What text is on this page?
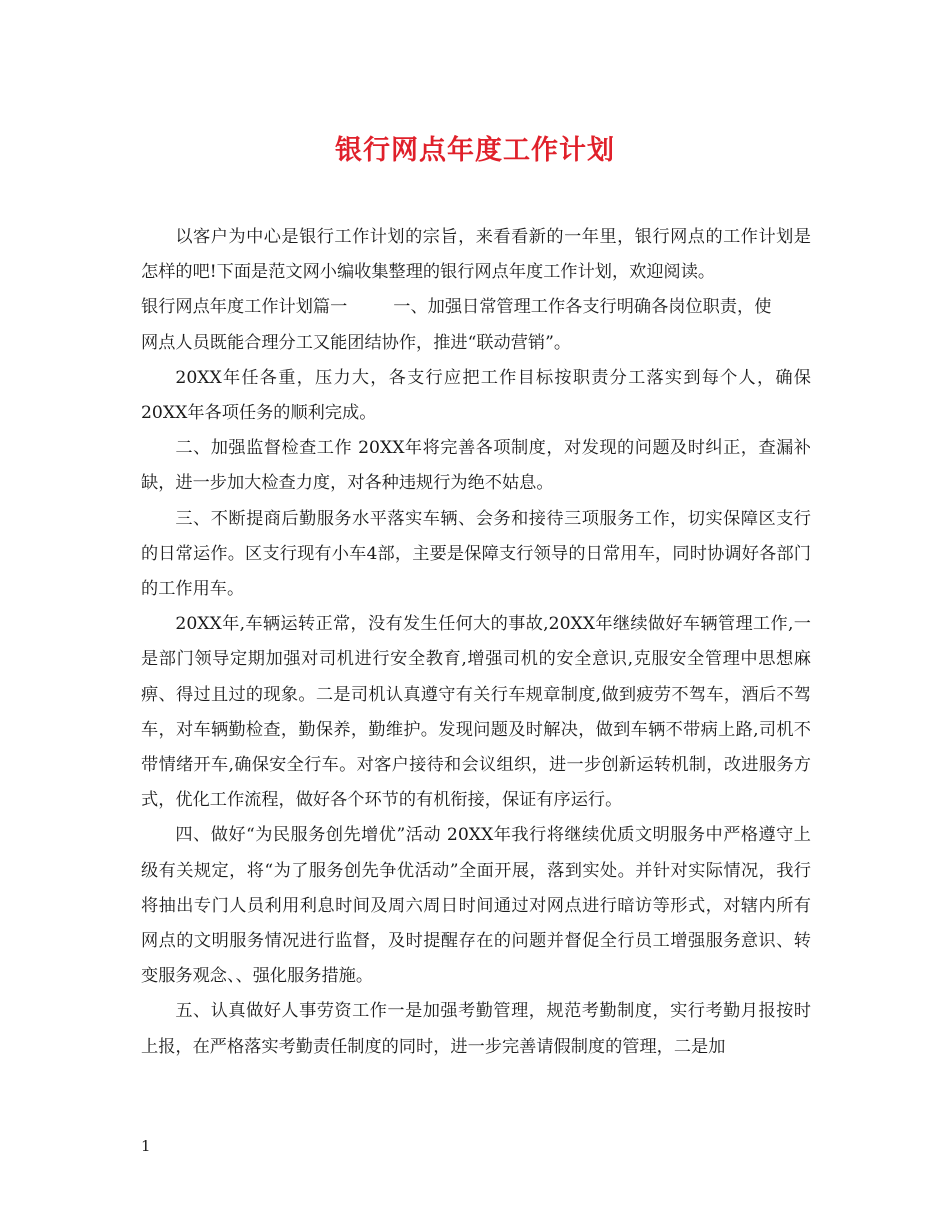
银行网点年度工作计划

以客户为中心是银行工作计划的宗旨，来看看新的一年里，银行网点的工作计划是怎样的吧!下面是范文网小编收集整理的银行网点年度工作计划，欢迎阅读。

银行网点年度工作计划篇一	一、加强日常管理工作各支行明确各岗位职责，使

网点人员既能合理分工又能团结协作，推进“联动营销”。

20XX年任各重，压力大，各支行应把工作目标按职责分工落实到每个人，确保20XX年各项任务的顺利完成。

二、加强监督检查工作 20XX年将完善各项制度，对发现的问题及时纠正，查漏补缺，进一步加大检查力度，对各种违规行为绝不姑息。

三、不断提商后勤服务水平落实车辆、会务和接待三项服务工作，切实保障区支行的日常运作。区支行现有小车4部，主要是保障支行领导的日常用车，同时协调好各部门的工作用车。

20XX年,车辆运转正常，没有发生任何大的事故,20XX年继续做好车辆管理工作,一是部门领导定期加强对司机进行安全教育,增强司机的安全意识,克服安全管理中思想麻痹、得过且过的现象。二是司机认真遵守有关行车规章制度,做到疲劳不驾车，酒后不驾车，对车辆勤检查，勤保养，勤维护。发现问题及时解决，做到车辆不带病上路,司机不带情绪开车,确保安全行车。对客户接待和会议组织，进一步创新运转机制，改进服务方式，优化工作流程，做好各个环节的有机衔接，保证有序运行。

四、做好“为民服务创先增优”活动 20XX年我行将继续优质文明服务中严格遵守上级有关规定，将“为了服务创先争优活动”全面开展，落到实处。并针对实际情况，我行将抽出专门人员利用利息时间及周六周日时间通过对网点进行暗访等形式，对辖内所有网点的文明服务情况进行监督，及时提醒存在的问题并督促全行员工增强服务意识、转变服务观念、、强化服务措施。

五、认真做好人事劳资工作一是加强考勤管理，规范考勤制度，实行考勤月报按时上报，在严格落实考勤责任制度的同时，进一步完善请假制度的管理，二是加

1
